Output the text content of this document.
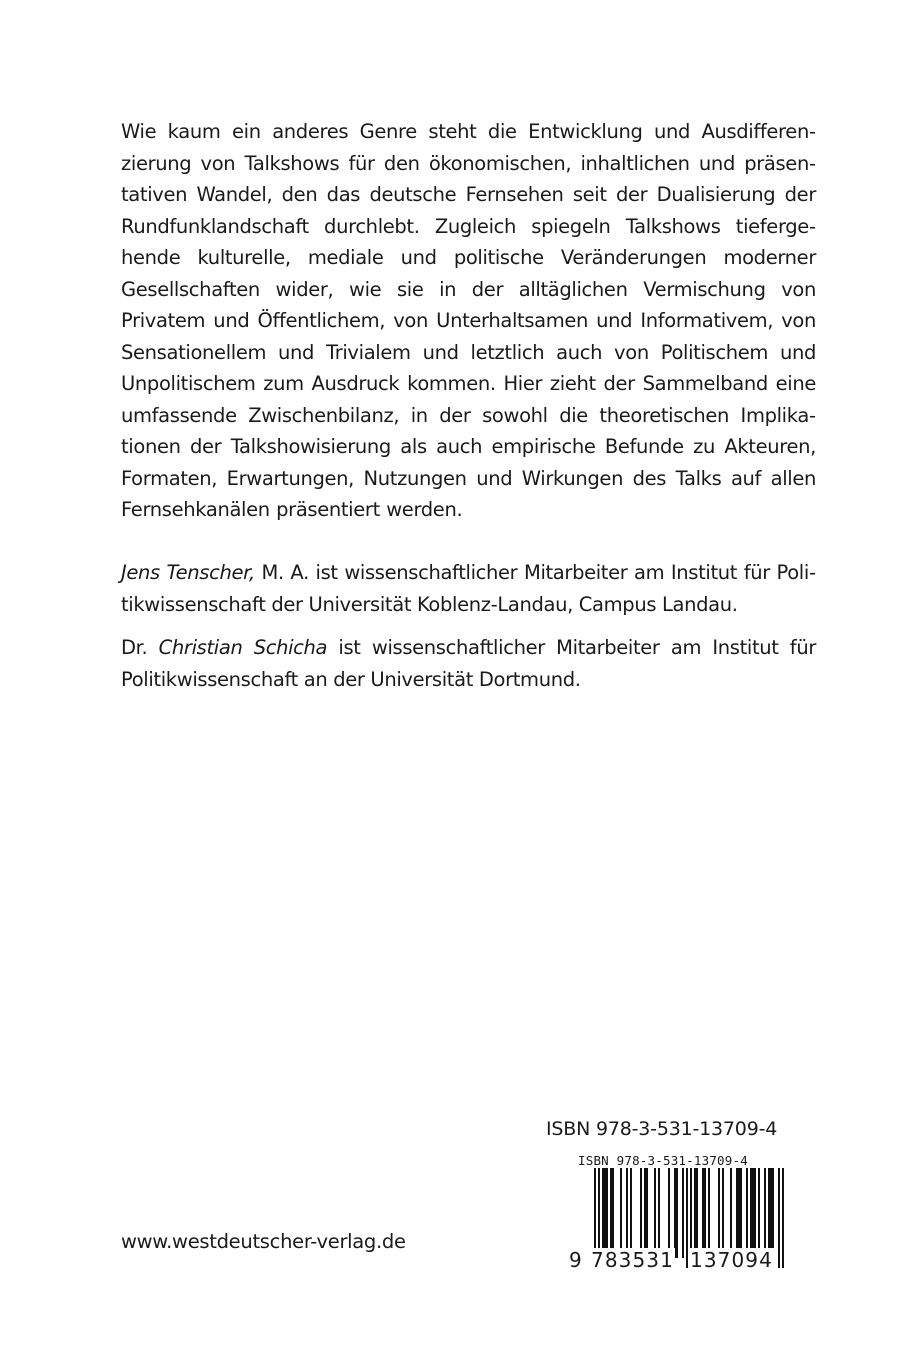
Wie kaum ein anderes Genre steht die Entwicklung und Ausdifferenzierung von Talkshows für den ökonomischen, inhaltlichen und präsentativen Wandel, den das deutsche Fernsehen seit der Dualisierung der Rundfunklandschaft durchlebt. Zugleich spiegeln Talkshows tiefergehende kulturelle, mediale und politische Veränderungen moderner Gesellschaften wider, wie sie in der alltäglichen Vermischung von Privatem und Öffentlichem, von Unterhaltsamen und Informativem, von Sensationellem und Trivialem und letztlich auch von Politischem und Unpolitischem zum Ausdruck kommen. Hier zieht der Sammelband eine umfassende Zwischenbilanz, in der sowohl die theoretischen Implikationen der Talkshowisierung als auch empirische Befunde zu Akteuren, Formaten, Erwartungen, Nutzungen und Wirkungen des Talks auf allen Fernsehkanälen präsentiert werden.

Jens Tenscher, M. A. ist wissenschaftlicher Mitarbeiter am Institut für Politikwissenschaft der Universität Koblenz-Landau, Campus Landau.

Dr. Christian Schicha ist wissenschaftlicher Mitarbeiter am Institut für Politikwissenschaft an der Universität Dortmund.

ISBN 978-3-531-13709-4
ISBN 978-3-531-13709-4
9 783531 137094
www.westdeutscher-verlag.de
